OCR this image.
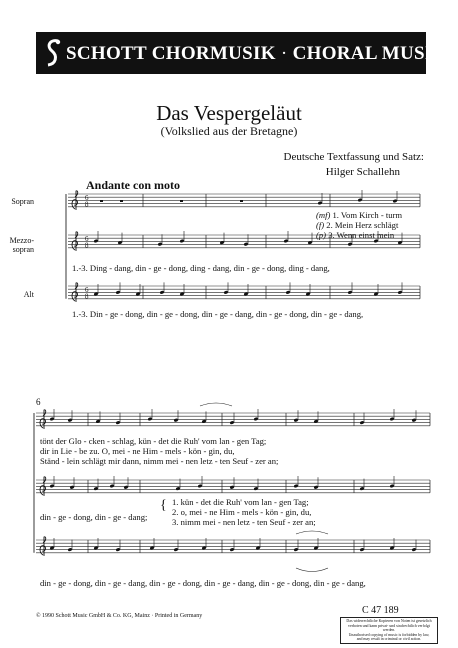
SCHOTT CHORMUSIK · CHORAL MUSIC
Das Vespergeläut
(Volkslied aus der Bretagne)
Deutsche Textfassung und Satz:
Hilger Schallehn
Andante con moto
Sopran
Mezzo-
sopran
Alt
6
8
6
8
6
8
(mf) 1. Vom Kirch - turm
(f) 2. Mein Herz schlägt
(p) 3. Wenn einst mein
1.-3. Ding - dang, din - ge - dong, ding - dang, din - ge - dong, ding - dang,
1.-3. Din - ge - dong, din - ge - dong, din - ge - dang, din - ge - dong, din - ge - dang,
6
tönt der Glo - cken - schlag, kün - det die Ruh' vom lan - gen Tag;
dir in Lie - be zu. O, mei - ne Him - mels - kön - gin, du,
Ständ - lein schlägt mir dann, nimm mei - nen letz - ten Seuf - zer an;
din - ge - dong, din - ge - dang;
{ 1. kün - det die Ruh' vom lan - gen Tag;
2. o, mei - ne Him - mels - kön - gin, du,
3. nimm mei - nen letz - ten Seuf - zer an;
din - ge - dong, din - ge - dang, din - ge - dong, din - ge - dang, din - ge - dong, din - ge - dang,
© 1990 Schott Music GmbH & Co. KG, Mainz · Printed in Germany	C 47 189
Das widerrechtliche Kopieren von Noten ist gesetzlich
verboten und kann privat- und strafrechtlich verfolgt werden.
Unauthorised copying of music is forbidden by law,
and may result in criminal or civil action.
